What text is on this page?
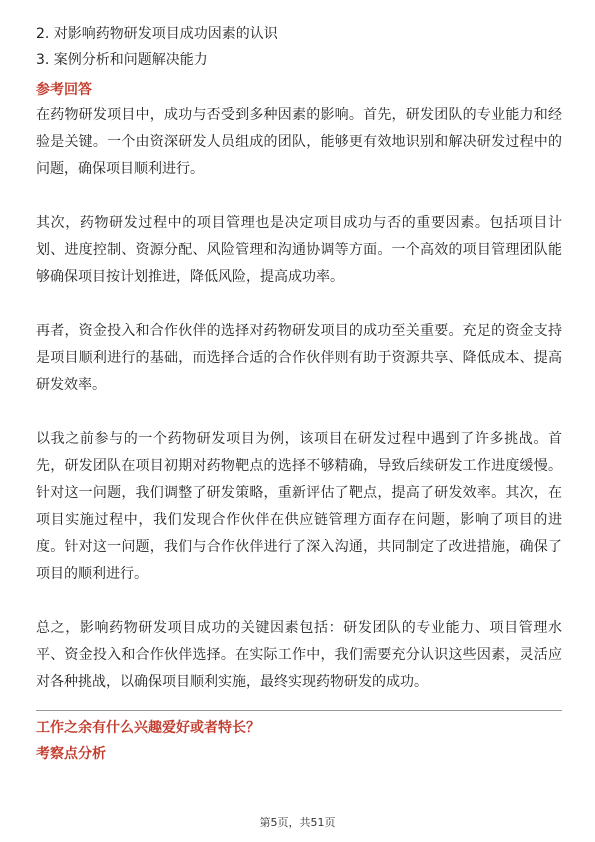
2. 对影响药物研发项目成功因素的认识
3. 案例分析和问题解决能力
参考回答

在药物研发项目中，成功与否受到多种因素的影响。首先，研发团队的专业能力和经验是关键。一个由资深研发人员组成的团队，能够更有效地识别和解决研发过程中的问题，确保项目顺利进行。

其次，药物研发过程中的项目管理也是决定项目成功与否的重要因素。包括项目计划、进度控制、资源分配、风险管理和沟通协调等方面。一个高效的项目管理团队能够确保项目按计划推进，降低风险，提高成功率。

再者，资金投入和合作伙伴的选择对药物研发项目的成功至关重要。充足的资金支持是项目顺利进行的基础，而选择合适的合作伙伴则有助于资源共享、降低成本、提高研发效率。

以我之前参与的一个药物研发项目为例，该项目在研发过程中遇到了许多挑战。首先，研发团队在项目初期对药物靶点的选择不够精确，导致后续研发工作进度缓慢。针对这一问题，我们调整了研发策略，重新评估了靶点，提高了研发效率。其次，在项目实施过程中，我们发现合作伙伴在供应链管理方面存在问题，影响了项目的进度。针对这一问题，我们与合作伙伴进行了深入沟通，共同制定了改进措施，确保了项目的顺利进行。

总之，影响药物研发项目成功的关键因素包括：研发团队的专业能力、项目管理水平、资金投入和合作伙伴选择。在实际工作中，我们需要充分认识这些因素，灵活应对各种挑战，以确保项目顺利实施，最终实现药物研发的成功。

工作之余有什么兴趣爱好或者特长？
考察点分析
第5页，共51页
